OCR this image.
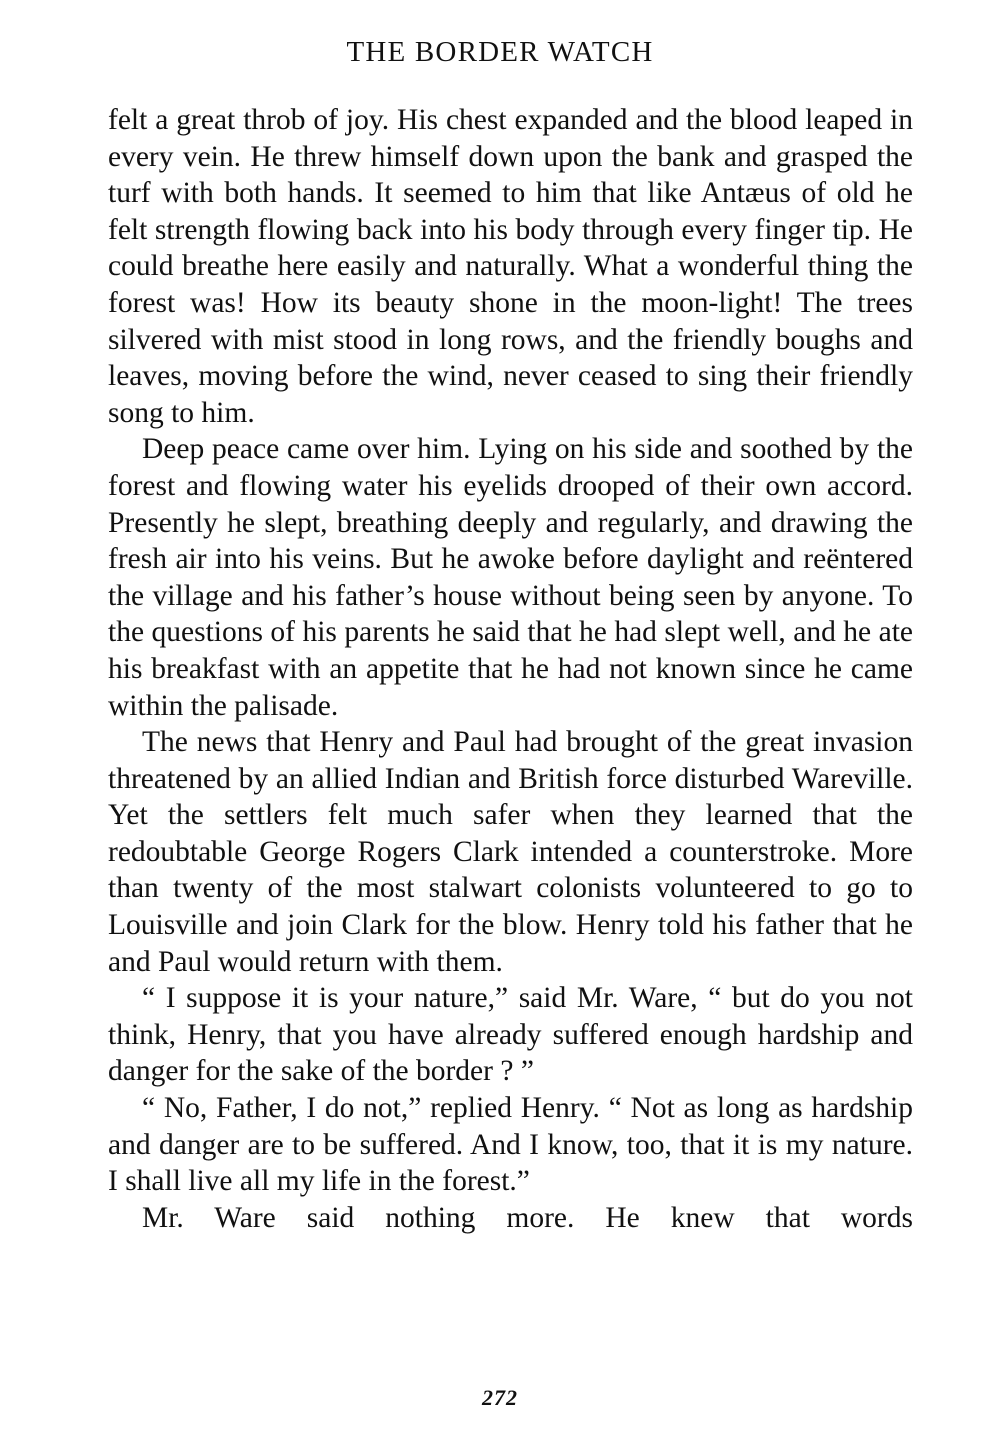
THE BORDER WATCH

felt a great throb of joy. His chest expanded and the blood leaped in every vein. He threw himself down upon the bank and grasped the turf with both hands. It seemed to him that like Antæus of old he felt strength flowing back into his body through every finger tip. He could breathe here easily and naturally. What a wonderful thing the forest was! How its beauty shone in the moon-light! The trees silvered with mist stood in long rows, and the friendly boughs and leaves, moving before the wind, never ceased to sing their friendly song to him.

Deep peace came over him. Lying on his side and soothed by the forest and flowing water his eyelids drooped of their own accord. Presently he slept, breathing deeply and regularly, and drawing the fresh air into his veins. But he awoke before daylight and reëntered the village and his father’s house without being seen by anyone. To the questions of his parents he said that he had slept well, and he ate his breakfast with an appetite that he had not known since he came within the palisade.

The news that Henry and Paul had brought of the great invasion threatened by an allied Indian and British force disturbed Wareville. Yet the settlers felt much safer when they learned that the redoubtable George Rogers Clark intended a counterstroke. More than twenty of the most stalwart colonists volunteered to go to Louisville and join Clark for the blow. Henry told his father that he and Paul would return with them.

“ I suppose it is your nature,” said Mr. Ware, “ but do you not think, Henry, that you have already suffered enough hardship and danger for the sake of the border ? ”

“ No, Father, I do not,” replied Henry. “ Not as long as hardship and danger are to be suffered. And I know, too, that it is my nature. I shall live all my life in the forest.”

Mr. Ware said nothing more. He knew that words

272
